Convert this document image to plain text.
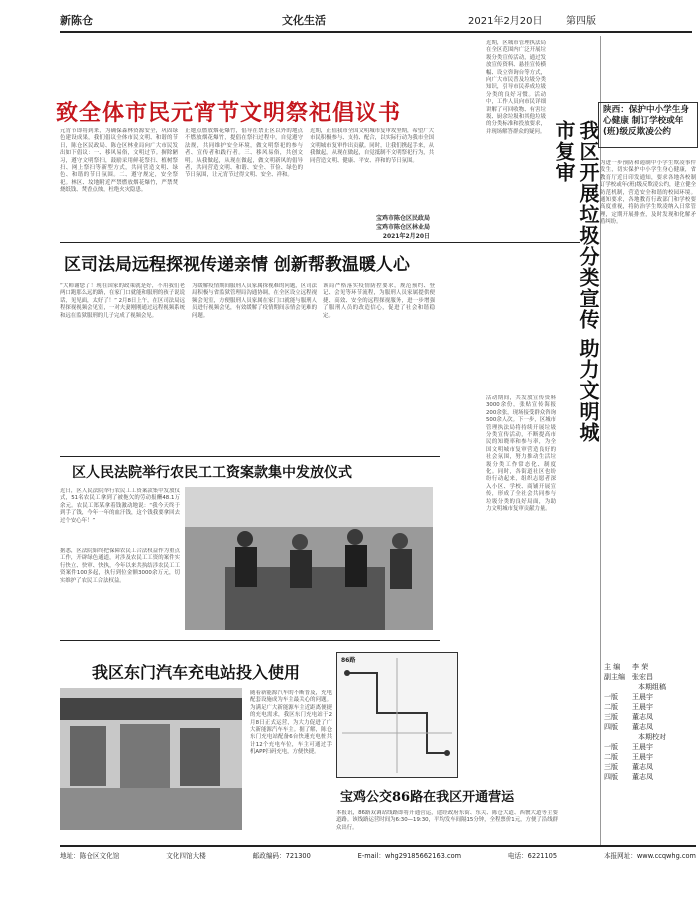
新陈仓	文化生活	2021年2月20日 第四版
致全体市民元宵节文明祭祀倡议书
元宵节即将到来，为确保森林资源安全，巩固绿色建设成果，我们倡议全体市民文明、和谐的节日，陈仓区民政局、陈仓区林业局向广大市民发出如下倡议：一、移风易俗，文明过节。摒除陋习，遵守文明祭扫，鼓励采用鲜花祭扫、植树祭扫、网上祭扫等新型方式，共同营造文明、绿色、和谐的节日氛围。二、遵守规定，安全祭祀。林区、坟地附近严禁燃放烟花爆竹，严禁焚烧纸钱、焚香点烛，杜绝火灾隐患。
止她点燃放烟花爆竹，倡导在禁止区以外的地点不燃放烟花爆竹，提倡在祭扫过程中，自觉遵守法规，共同维护安全环境，做文明祭祀的参与者、宣传者和践行者。三、移风易俗，共创文明。从我做起，从现在做起，做文明新风的倡导者，共同营造文明、和谐、安全、节俭、绿色的节日氛围，让元宵节过得文明、安全、祥和。
近期，正值我市全国文明城市复审攻坚期，希望广大市民积极参与、支持、配合，以实际行动为我市全国文明城市复审作出贡献。同时，让我们携起手来，从我做起，从现在做起，自觉抵制不文明祭祀行为，共同营造文明、健康、平安、祥和的节日氛围。
宝鸡市陈仓区民政局
宝鸡市陈仓区林业局
2021年2月20日
区司法局远程探视传递亲情 创新帮教温暖人心
“大师谢您了！现在国家的政策就是好，不用我们老两口跑那么远的路，在家门口就能和服刑的孩子说说话，见见面，太好了！” 2月8日上午，在区司法局远程探视视频会见室，一对夫妻刚刚通过远程视频系统和远在监狱服刑的儿子完成了视频会见。
为缓解疫情期间服刑人员家属探视难的问题，区司法局积极与省监狱管理局沟通协调，在全区设立远程视频会见室，方便服刑人员家属在家门口就能与服刑人员进行视频会见，有效缓解了疫情期间亲情会见难的问题。
该局严格落实疫情防控要求，规范预约、登记、会见等环节流程，为服刑人员家属提供便捷、高效、安全的远程探视服务，进一步增强了服刑人员的改造信心，促进了社会和谐稳定。
区人民法院举行农民工工资案款集中发放仪式
近日，区人民法院举行农民工工资案款集中发放仪式，51名农民工拿到了被拖欠的劳动报酬48.1万余元。农民工郑某拿着钱激动地说：“我今天终于到手了钱，今年一年的血汗钱，这个钱我要拿回去过个安心年！”
据悉，区法院始终把保障农民工合法权益作为重点工作，开辟绿色通道，对涉及农民工工资的案件实行快立、快审、快执，今年以来共执结涉农民工工资案件100多起，执行到位金额3000余万元，切实维护了农民工合法权益。
我区东门汽车充电站投入使用
随着新能源汽车的不断普及，充电配套设施成为车主最关心的问题。为满足广大新能源车主近距离便捷的充电需求，我区东门充电站于2月8日正式运营，为大力促进了广大新能源汽车车主。据了解，陈仓东门充电站配备6台快速充电桩共计12个充电车位，车主可通过手机APP扫码充电，方便快捷。
86路
宝鸡公交86路在我区开通营运
本报讯，86路双调站线路即将开通营运，途经政府东街、东关、陈仓大道、西虢大道等主要道路。该线路运营时间为6:30—19:30，平均发车间隔15分钟，全程票价1元，方便了沿线群众出行。
我区开展垃圾分类宣传 助力文明城市复审
近期，区城市管理执法局在全区范围内广泛开展垃圾分类宣传活动，通过发放宣传资料、悬挂宣传横幅、设立咨询台等方式，向广大市民普及垃圾分类知识，引导市民养成垃圾分类的良好习惯。活动中，工作人员向市民详细讲解了可回收物、有害垃圾、厨余垃圾和其他垃圾的分类标准和投放要求，并现场解答群众的疑问。
活动期间，共发放宣传资料3000余份，张贴宣传海报200余张，现场接受群众咨询500余人次。下一步，区城市管理执法局将持续开展垃圾分类宣传活动，不断提高市民的知晓率和参与率，为全国文明城市复审营造良好的社会氛围，努力推动生活垃圾分类工作常态化、制度化。同时，各街道社区也纷纷行动起来，组织志愿者深入小区、学校、商铺开展宣传，形成了全社会共同参与垃圾分类的良好局面，为助力文明城市复审贡献力量。
陕西：保护中小学生身心健康 制订学校或年(班)级反欺凌公约
为进一步预防和遏制中小学生欺凌事件发生，切实保护中小学生身心健康，省教育厅近日印发通知，要求各地各校制订学校或年(班)级反欺凌公约，建立健全防范机制，营造安全和谐的校园环境。通知要求，各地教育行政部门和学校要高度重视，将防治学生欺凌纳入日常管理，定期开展排查，及时发现和化解矛盾纠纷。
主 编	李 荣
副主编	张宏昌
本期组稿
一版	王晨宇
二版	王晨宇
三版	董志凤
四版	董志凤
本期校对
一版	王晨宇
二版	王晨宇
三版	董志凤
四版	董志凤
地址：陈仓区文化馆	文化四馆大楼	邮政编码：721300	E-mail：whg29185662163.com	电话：6221105	本报网址：www.ccqwhg.com
